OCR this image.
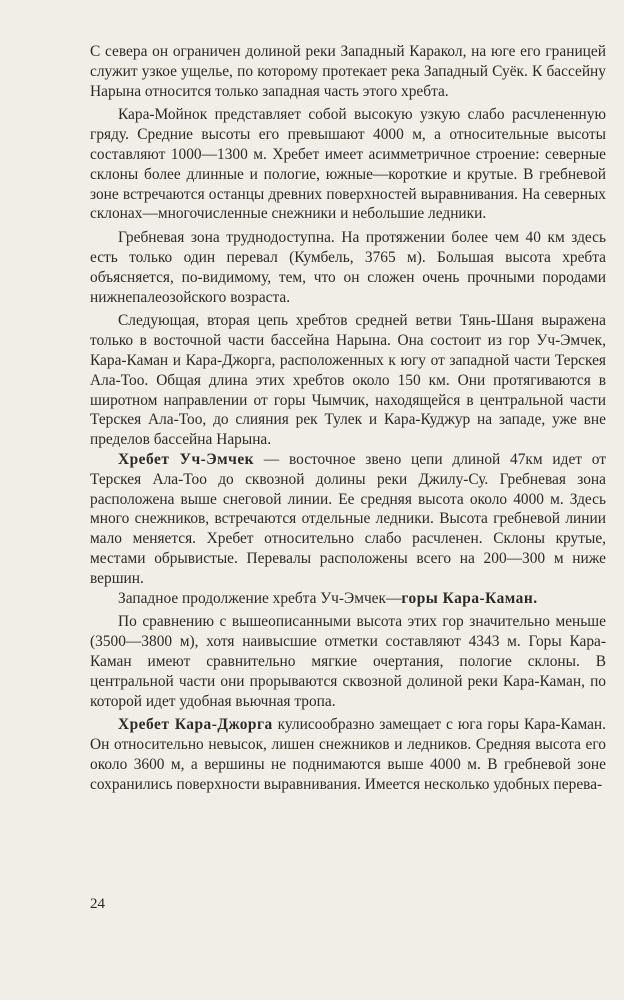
С севера он ограничен долиной реки Западный Каракол, на юге его границей служит узкое ущелье, по которому протекает река Западный Суёк. К бассейну Нарына относится только западная часть этого хребта.

Кара-Мойнок представляет собой высокую узкую слабо расчлененную гряду. Средние высоты его превышают 4000 м, а относительные высоты составляют 1000—1300 м. Хребет имеет асимметричное строение: северные склоны более длинные и пологие, южные—короткие и крутые. В гребневой зоне встречаются останцы древних поверхностей выравнивания. На северных склонах—многочисленные снежники и небольшие ледники.

Гребневая зона труднодоступна. На протяжении более чем 40 км здесь есть только один перевал (Кумбель, 3765 м). Большая высота хребта объясняется, по-видимому, тем, что он сложен очень прочными породами нижнепалеозойского возраста.

Следующая, вторая цепь хребтов средней ветви Тянь-Шаня выражена только в восточной части бассейна Нарына. Она состоит из гор Уч-Эмчек, Кара-Каман и Кара-Джорга, расположенных к югу от западной части Терскея Ала-Тоо. Общая длина этих хребтов около 150 км. Они протягиваются в широтном направлении от горы Чымчик, находящейся в центральной части Терскея Ала-Тоо, до слияния рек Тулек и Кара-Куджур на западе, уже вне пределов бассейна Нарына.

Хребет Уч-Эмчек — восточное звено цепи длиной 47км идет от Терскея Ала-Тоо до сквозной долины реки Джилу-Су. Гребневая зона расположена выше снеговой линии. Ее средняя высота около 4000 м. Здесь много снежников, встречаются отдельные ледники. Высота гребневой линии мало меняется. Хребет относительно слабо расчленен. Склоны крутые, местами обрывистые. Перевалы расположены всего на 200—300 м ниже вершин.

Западное продолжение хребта Уч-Эмчек—горы Кара-Каман.

По сравнению с вышеописанными высота этих гор значительно меньше (3500—3800 м), хотя наивысшие отметки составляют 4343 м. Горы Кара-Каман имеют сравнительно мягкие очертания, пологие склоны. В центральной части они прорываются сквозной долиной реки Кара-Каман, по которой идет удобная вьючная тропа.

Хребет Кара-Джорга кулисообразно замещает с юга горы Кара-Каман. Он относительно невысок, лишен снежников и ледников. Средняя высота его около 3600 м, а вершины не поднимаются выше 4000 м. В гребневой зоне сохранились поверхности выравнивания. Имеется несколько удобных перева-

24
